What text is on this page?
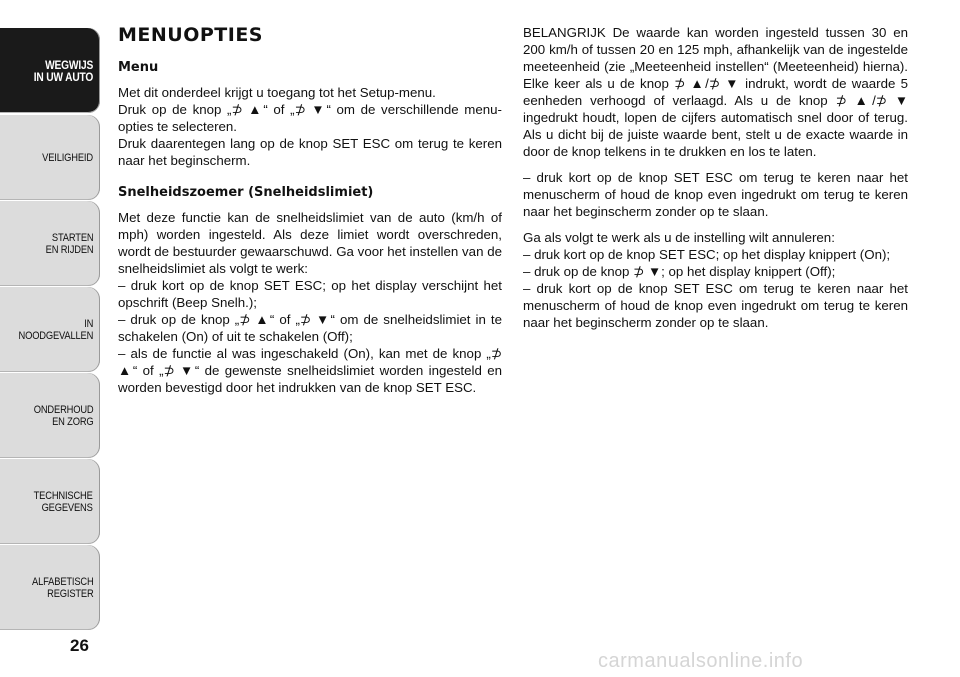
WEGWIJS
IN UW AUTO
VEILIGHEID
STARTEN
EN RIJDEN
IN NOODGEVALLEN
ONDERHOUD
EN ZORG
TECHNISCHE
GEGEVENS
ALFABETISCH
REGISTER
26
MENUOPTIES
Menu

Met dit onderdeel krijgt u toegang tot het Setup-menu.

Druk op de knop „⊅ ▲“ of „⊅ ▼“ om de verschillende menu-opties te selecteren.

Druk daarentegen lang op de knop SET ESC om terug te keren naar het beginscherm.

Snelheidszoemer (Snelheidslimiet)

Met deze functie kan de snelheidslimiet van de auto (km/h of mph) worden ingesteld. Als deze limiet wordt overschreden, wordt de bestuurder gewaarschuwd. Ga voor het instellen van de snelheidslimiet als volgt te werk:

– druk kort op de knop SET ESC; op het display verschijnt het opschrift (Beep Snelh.);

– druk op de knop „⊅ ▲“ of „⊅ ▼“ om de snelheidslimiet in te schakelen (On) of uit te schakelen (Off);

– als de functie al was ingeschakeld (On), kan met de knop „⊅ ▲“ of „⊅ ▼“ de gewenste snelheidslimiet worden ingesteld en worden bevestigd door het indrukken van de knop SET ESC.

BELANGRIJK De waarde kan worden ingesteld tussen 30 en 200 km/h of tussen 20 en 125 mph, afhankelijk van de ingestelde meeteenheid (zie „Meeteenheid instellen“ (Meeteenheid) hierna). Elke keer als u de knop ⊅ ▲/⊅ ▼ indrukt, wordt de waarde 5 eenheden verhoogd of verlaagd. Als u de knop ⊅ ▲/⊅ ▼ ingedrukt houdt, lopen de cijfers automatisch snel door of terug. Als u dicht bij de juiste waarde bent, stelt u de exacte waarde in door de knop telkens in te drukken en los te laten.

– druk kort op de knop SET ESC om terug te keren naar het menuscherm of houd de knop even ingedrukt om terug te keren naar het beginscherm zonder op te slaan.

Ga als volgt te werk als u de instelling wilt annuleren:

– druk kort op de knop SET ESC; op het display knippert (On);

– druk op de knop ⊅ ▼; op het display knippert (Off);

– druk kort op de knop SET ESC om terug te keren naar het menuscherm of houd de knop even ingedrukt om terug te keren naar het beginscherm zonder op te slaan.

carmanualsonline.info
